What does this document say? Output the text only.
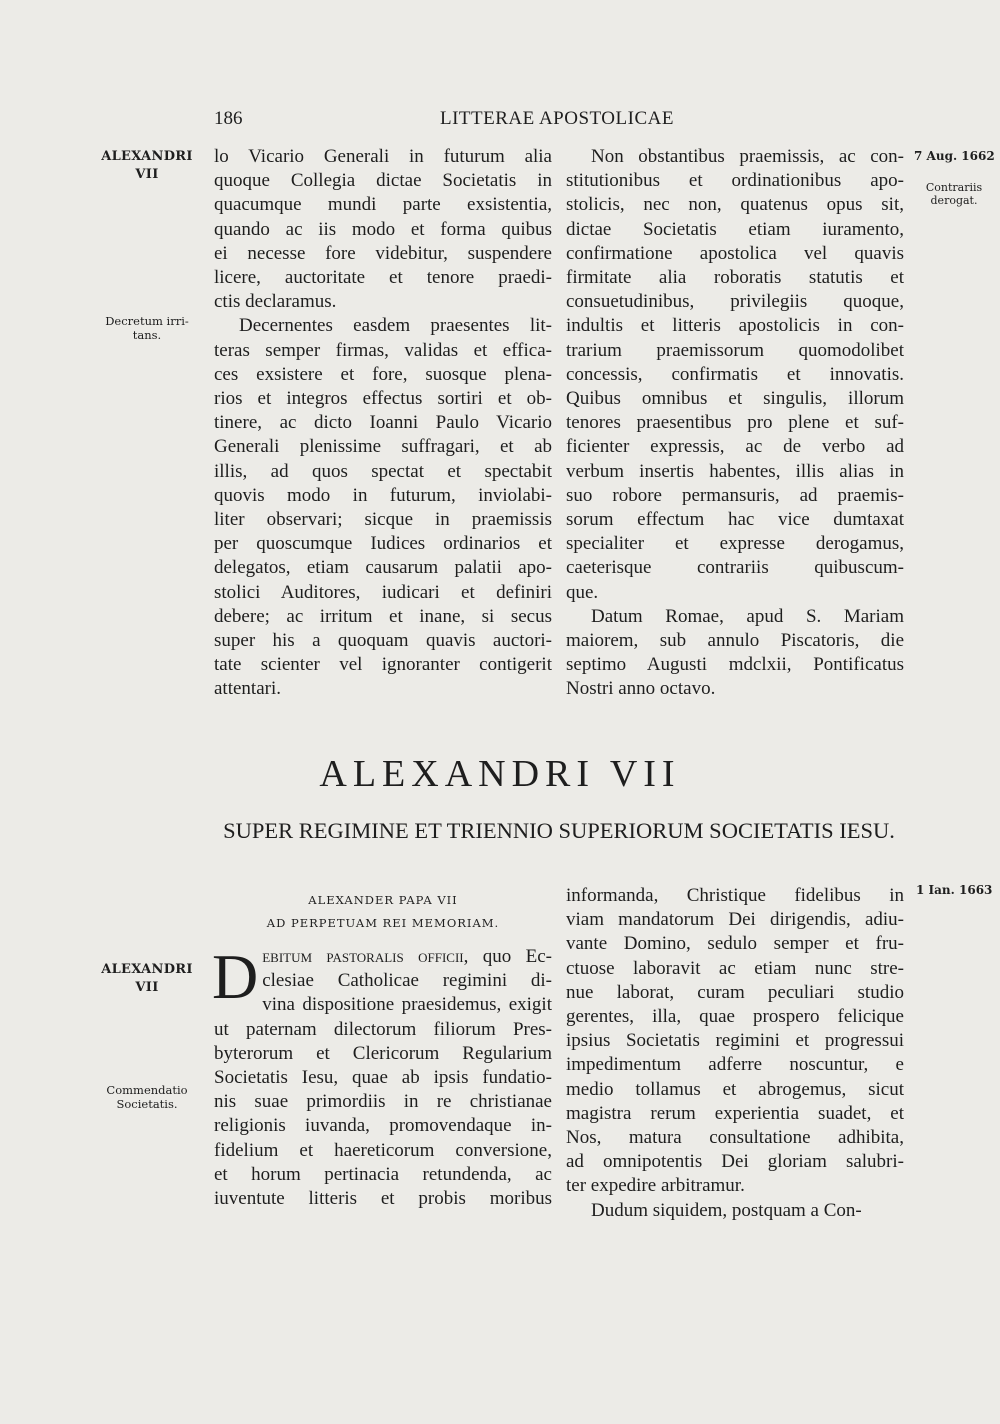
186	LITTERAE APOSTOLICAE
ALEXANDRI
VII
Decretum irri-
tans.
ALEXANDRI
VII
Commendatio
Societatis.
7 Aug. 1662
Contrariis
derogat.
1 Ian. 1663

lo Vicario Generali in futurum alia
quoque Collegia dictae Societatis in
quacumque mundi parte exsistentia,
quando ac iis modo et forma quibus
ei necesse fore videbitur, suspendere
licere, auctoritate et tenore praedi-

ctis declaramus.

Decernentes easdem praesentes lit-
teras semper firmas, validas et effica-
ces exsistere et fore, suosque plena-
rios et integros effectus sortiri et ob-
tinere, ac dicto Ioanni Paulo Vicario
Generali plenissime suffragari, et ab
illis, ad quos spectat et spectabit
quovis modo in futurum, inviolabi-
liter observari; sicque in praemissis
per quoscumque Iudices ordinarios et
delegatos, etiam causarum palatii apo-
stolici Auditores, iudicari et definiri
debere; ac irritum et inane, si secus
super his a quoquam quavis auctori-
tate scienter vel ignoranter contigerit

attentari.

Non obstantibus praemissis, ac con-
stitutionibus et ordinationibus apo-
stolicis, nec non, quatenus opus sit,
dictae Societatis etiam iuramento,
confirmatione apostolica vel quavis
firmitate alia roboratis statutis et
consuetudinibus, privilegiis quoque,
indultis et litteris apostolicis in con-
trarium praemissorum quomodolibet
concessis, confirmatis et innovatis.
Quibus omnibus et singulis, illorum
tenores praesentibus pro plene et suf-
ficienter expressis, ac de verbo ad
verbum insertis habentes, illis alias in
suo robore permansuris, ad praemis-
sorum effectum hac vice dumtaxat
specialiter et expresse derogamus,
caeterisque contrariis quibuscum-

que.

Datum Romae, apud S. Mariam
maiorem, sub annulo Piscatoris, die
septimo Augusti mdclxii, Pontificatus

Nostri anno octavo.

ALEXANDRI VII
SUPER REGIMINE ET TRIENNIO SUPERIORUM SOCIETATIS IESU.
ALEXANDER PAPA VII
AD PERPETUAM REI MEMORIAM.
D ebitum pastoralis officii, quo Ec-

clesiae Catholicae regimini di-
vina dispositione praesidemus, exigit

ut paternam dilectorum filiorum Pres-
byterorum et Clericorum Regularium
Societatis Iesu, quae ab ipsis fundatio-
nis suae primordiis in re christianae
religionis iuvanda, promovendaque in-
fidelium et haereticorum conversione,
et horum pertinacia retundenda, ac
iuventute litteris et probis moribus

informanda, Christique fidelibus in
viam mandatorum Dei dirigendis, adiu-
vante Domino, sedulo semper et fru-
ctuose laboravit ac etiam nunc stre-
nue laborat, curam peculiari studio
gerentes, illa, quae prospero felicique
ipsius Societatis regimini et progressui
impedimentum adferre noscuntur, e
medio tollamus et abrogemus, sicut
magistra rerum experientia suadet, et
Nos, matura consultatione adhibita,
ad omnipotentis Dei gloriam salubri-

ter expedire arbitramur.

Dudum siquidem, postquam a Con-
